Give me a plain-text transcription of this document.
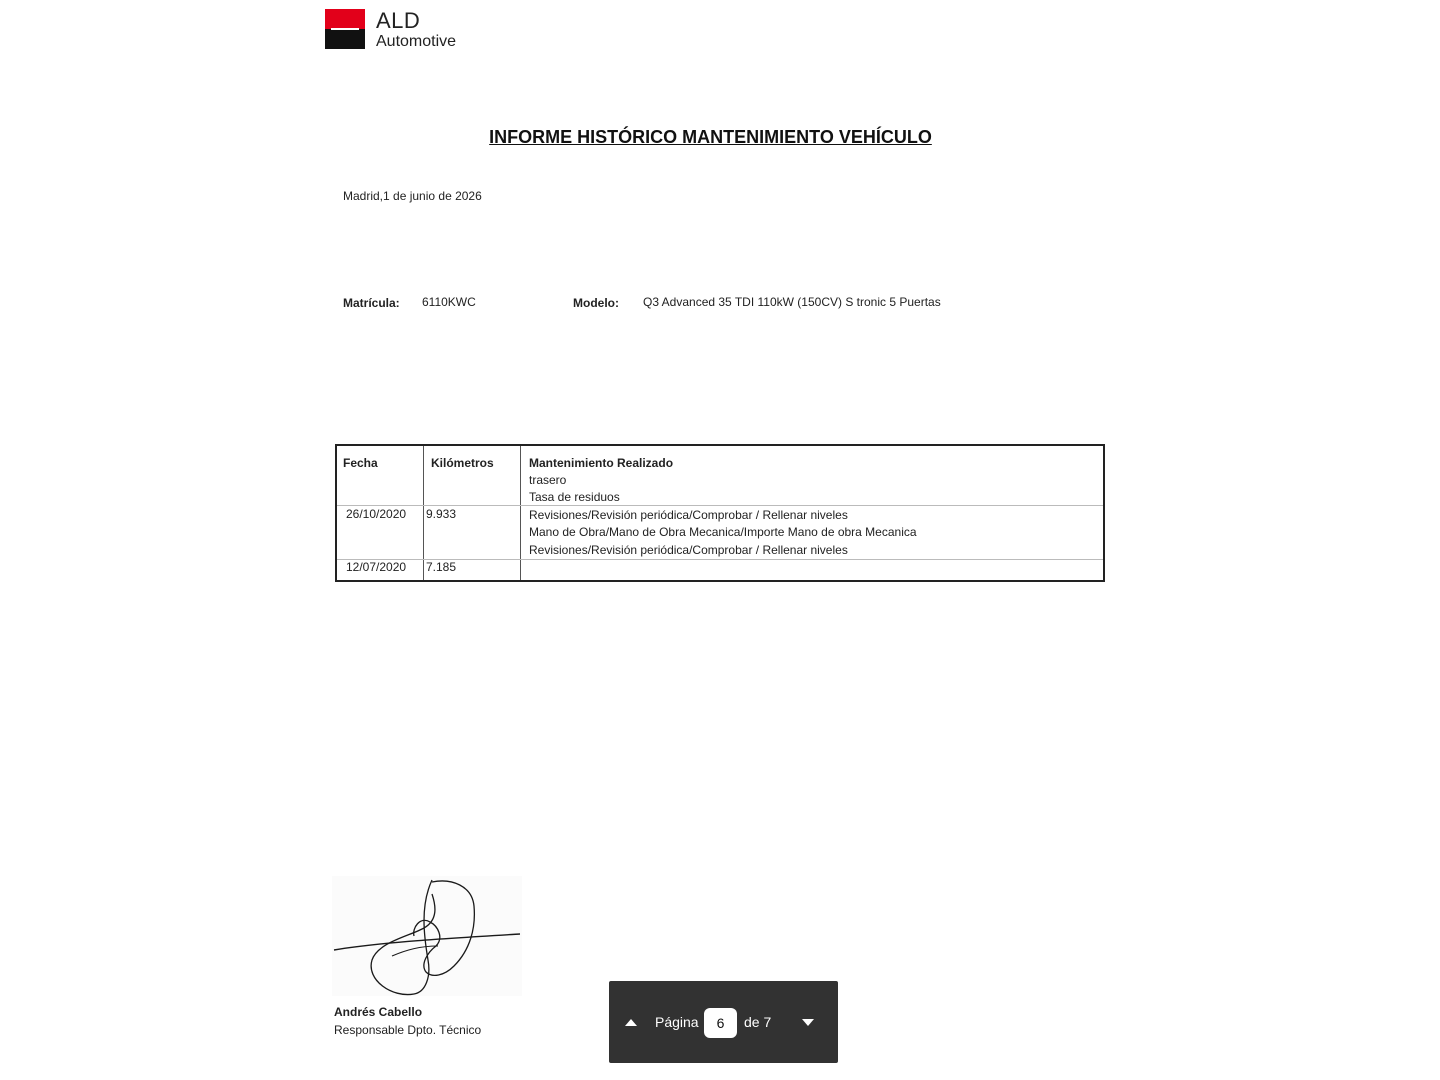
ALD
Automotive
INFORME HISTÓRICO MANTENIMIENTO VEHÍCULO
Madrid,1 de junio de 2026
Matrícula: 6110KWC	Modelo: Q3 Advanced 35 TDI 110kW (150CV) S tronic 5 Puertas
Fecha	Kilómetros	Mantenimiento Realizado
trasero
Tasa de residuos
26/10/2020 9.933	Revisiones/Revisión periódica/Comprobar / Rellenar niveles
Mano de Obra/Mano de Obra Mecanica/Importe Mano de obra Mecanica
Revisiones/Revisión periódica/Comprobar / Rellenar niveles
12/07/2020 7.185
Andrés Cabello
Responsable Dpto. Técnico	Página
6	de 7
